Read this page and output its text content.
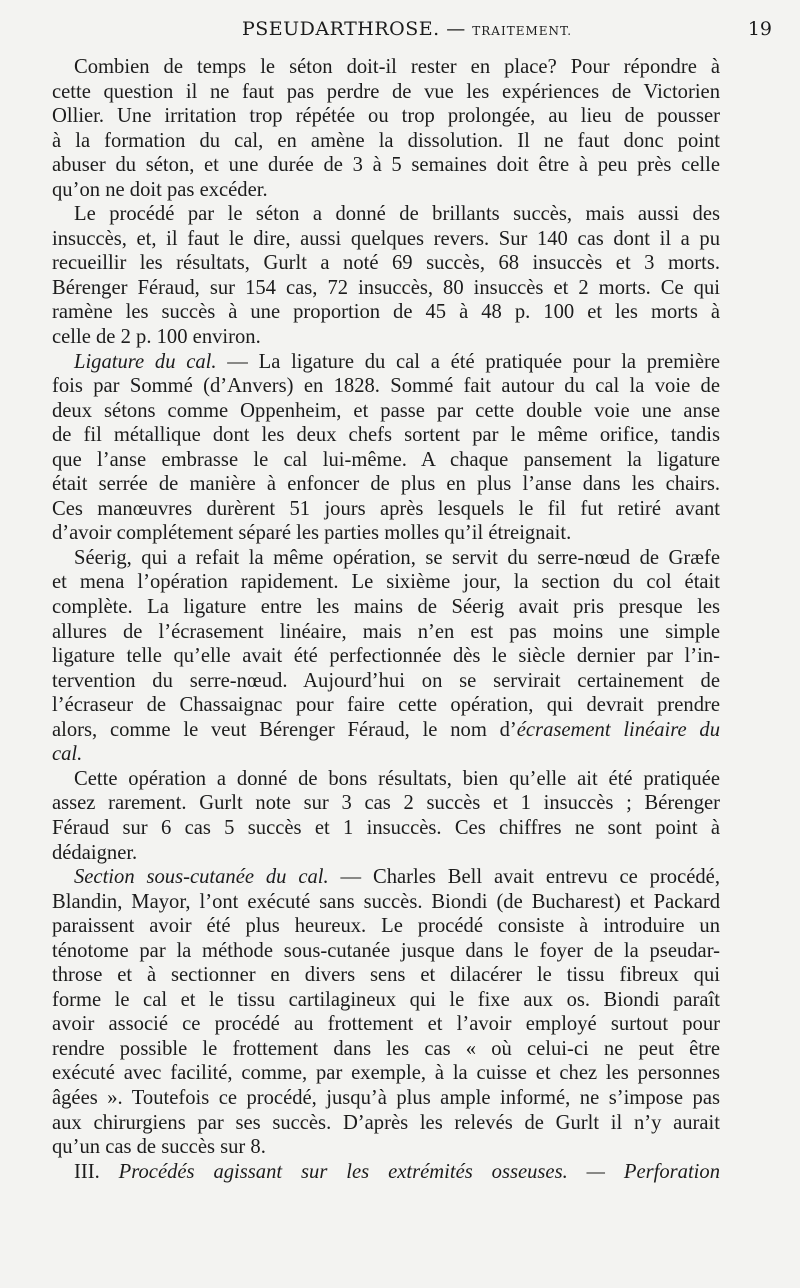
PSEUDARTHROSE. — TRAITEMENT.	19
Combien de temps le séton doit-il rester en place? Pour répondre à
cette question il ne faut pas perdre de vue les expériences de Victorien
Ollier. Une irritation trop répétée ou trop prolongée, au lieu de pousser
à la formation du cal, en amène la dissolution. Il ne faut donc point
abuser du séton, et une durée de 3 à 5 semaines doit être à peu près celle
qu’on ne doit pas excéder.
Le procédé par le séton a donné de brillants succès, mais aussi des
insuccès, et, il faut le dire, aussi quelques revers. Sur 140 cas dont il a pu
recueillir les résultats, Gurlt a noté 69 succès, 68 insuccès et 3 morts.
Bérenger Féraud, sur 154 cas, 72 insuccès, 80 insuccès et 2 morts. Ce qui
ramène les succès à une proportion de 45 à 48 p. 100 et les morts à
celle de 2 p. 100 environ.
Ligature du cal. — La ligature du cal a été pratiquée pour la première
fois par Sommé (d’Anvers) en 1828. Sommé fait autour du cal la voie de
deux sétons comme Oppenheim, et passe par cette double voie une anse
de fil métallique dont les deux chefs sortent par le même orifice, tandis
que l’anse embrasse le cal lui-même. A chaque pansement la ligature
était serrée de manière à enfoncer de plus en plus l’anse dans les chairs.
Ces manœuvres durèrent 51 jours après lesquels le fil fut retiré avant
d’avoir complétement séparé les parties molles qu’il étreignait.
Séerig, qui a refait la même opération, se servit du serre-nœud de Græfe
et mena l’opération rapidement. Le sixième jour, la section du col était
complète. La ligature entre les mains de Séerig avait pris presque les
allures de l’écrasement linéaire, mais n’en est pas moins une simple
ligature telle qu’elle avait été perfectionnée dès le siècle dernier par l’in-
tervention du serre-nœud. Aujourd’hui on se servirait certainement de
l’écraseur de Chassaignac pour faire cette opération, qui devrait prendre
alors, comme le veut Bérenger Féraud, le nom d’écrasement linéaire du
cal.
Cette opération a donné de bons résultats, bien qu’elle ait été pratiquée
assez rarement. Gurlt note sur 3 cas 2 succès et 1 insuccès ; Bérenger
Féraud sur 6 cas 5 succès et 1 insuccès. Ces chiffres ne sont point à
dédaigner.
Section sous-cutanée du cal. — Charles Bell avait entrevu ce procédé,
Blandin, Mayor, l’ont exécuté sans succès. Biondi (de Bucharest) et Packard
paraissent avoir été plus heureux. Le procédé consiste à introduire un
ténotome par la méthode sous-cutanée jusque dans le foyer de la pseudar-
throse et à sectionner en divers sens et dilacérer le tissu fibreux qui
forme le cal et le tissu cartilagineux qui le fixe aux os. Biondi paraît
avoir associé ce procédé au frottement et l’avoir employé surtout pour
rendre possible le frottement dans les cas « où celui-ci ne peut être
exécuté avec facilité, comme, par exemple, à la cuisse et chez les personnes
âgées ». Toutefois ce procédé, jusqu’à plus ample informé, ne s’impose pas
aux chirurgiens par ses succès. D’après les relevés de Gurlt il n’y aurait
qu’un cas de succès sur 8.
III. Procédés agissant sur les extrémités osseuses. — Perforation
